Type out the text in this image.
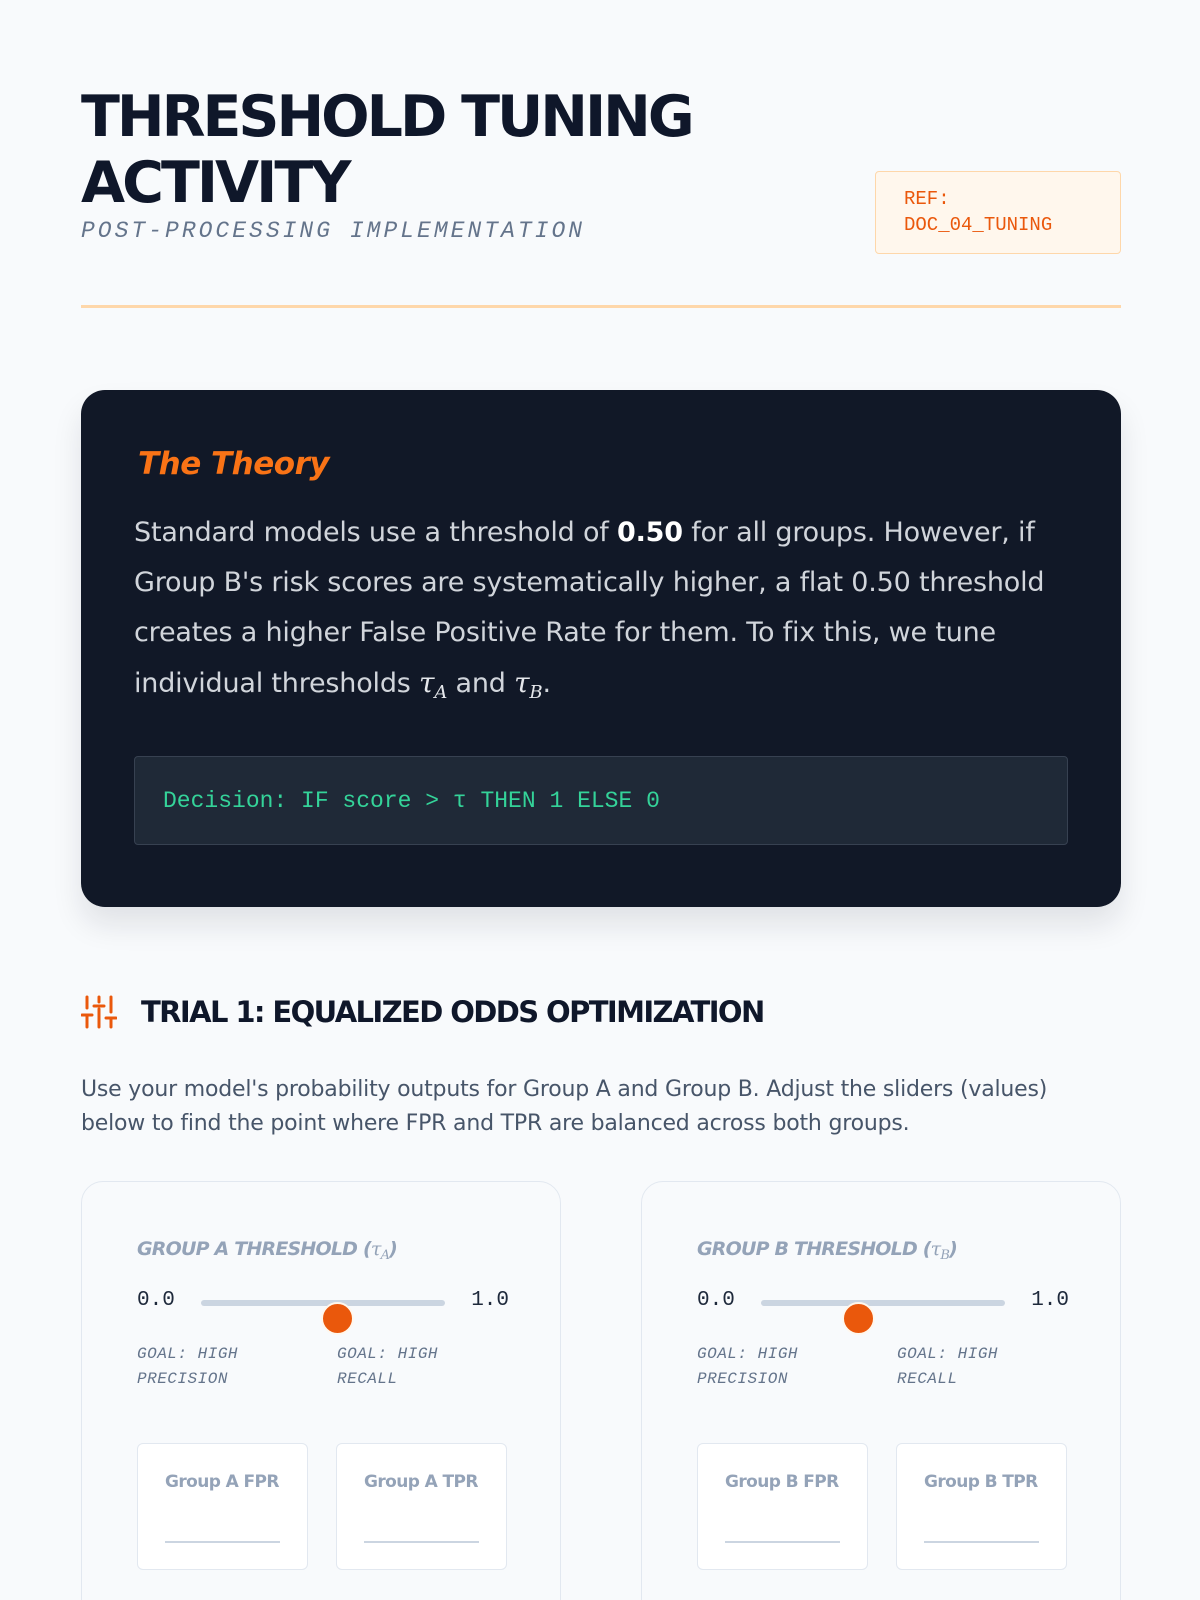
THRESHOLD TUNING ACTIVITY
POST-PROCESSING IMPLEMENTATION
REF: DOC_04_TUNING
The Theory

Standard models use a threshold of 0.50 for all groups. However, if Group B's risk scores are systematically higher, a flat 0.50 threshold creates a higher False Positive Rate for them. To fix this, we tune individual thresholds $\tau_A$ and $\tau_B$.

Decision: IF score > τ THEN 1 ELSE 0
TRIAL 1: EQUALIZED ODDS OPTIMIZATION

Use your model's probability outputs for Group A and Group B. Adjust the sliders (values) below to find the point where FPR and TPR are balanced across both groups.

GROUP A THRESHOLD $(\tau_A)$
0.0	1.0
GOAL: HIGH PRECISION
GOAL: HIGH RECALL
Group A FPR	Group A TPR
GROUP B THRESHOLD $(\tau_B)$
0.0	1.0
GOAL: HIGH PRECISION
GOAL: HIGH RECALL
Group B FPR	Group B TPR
